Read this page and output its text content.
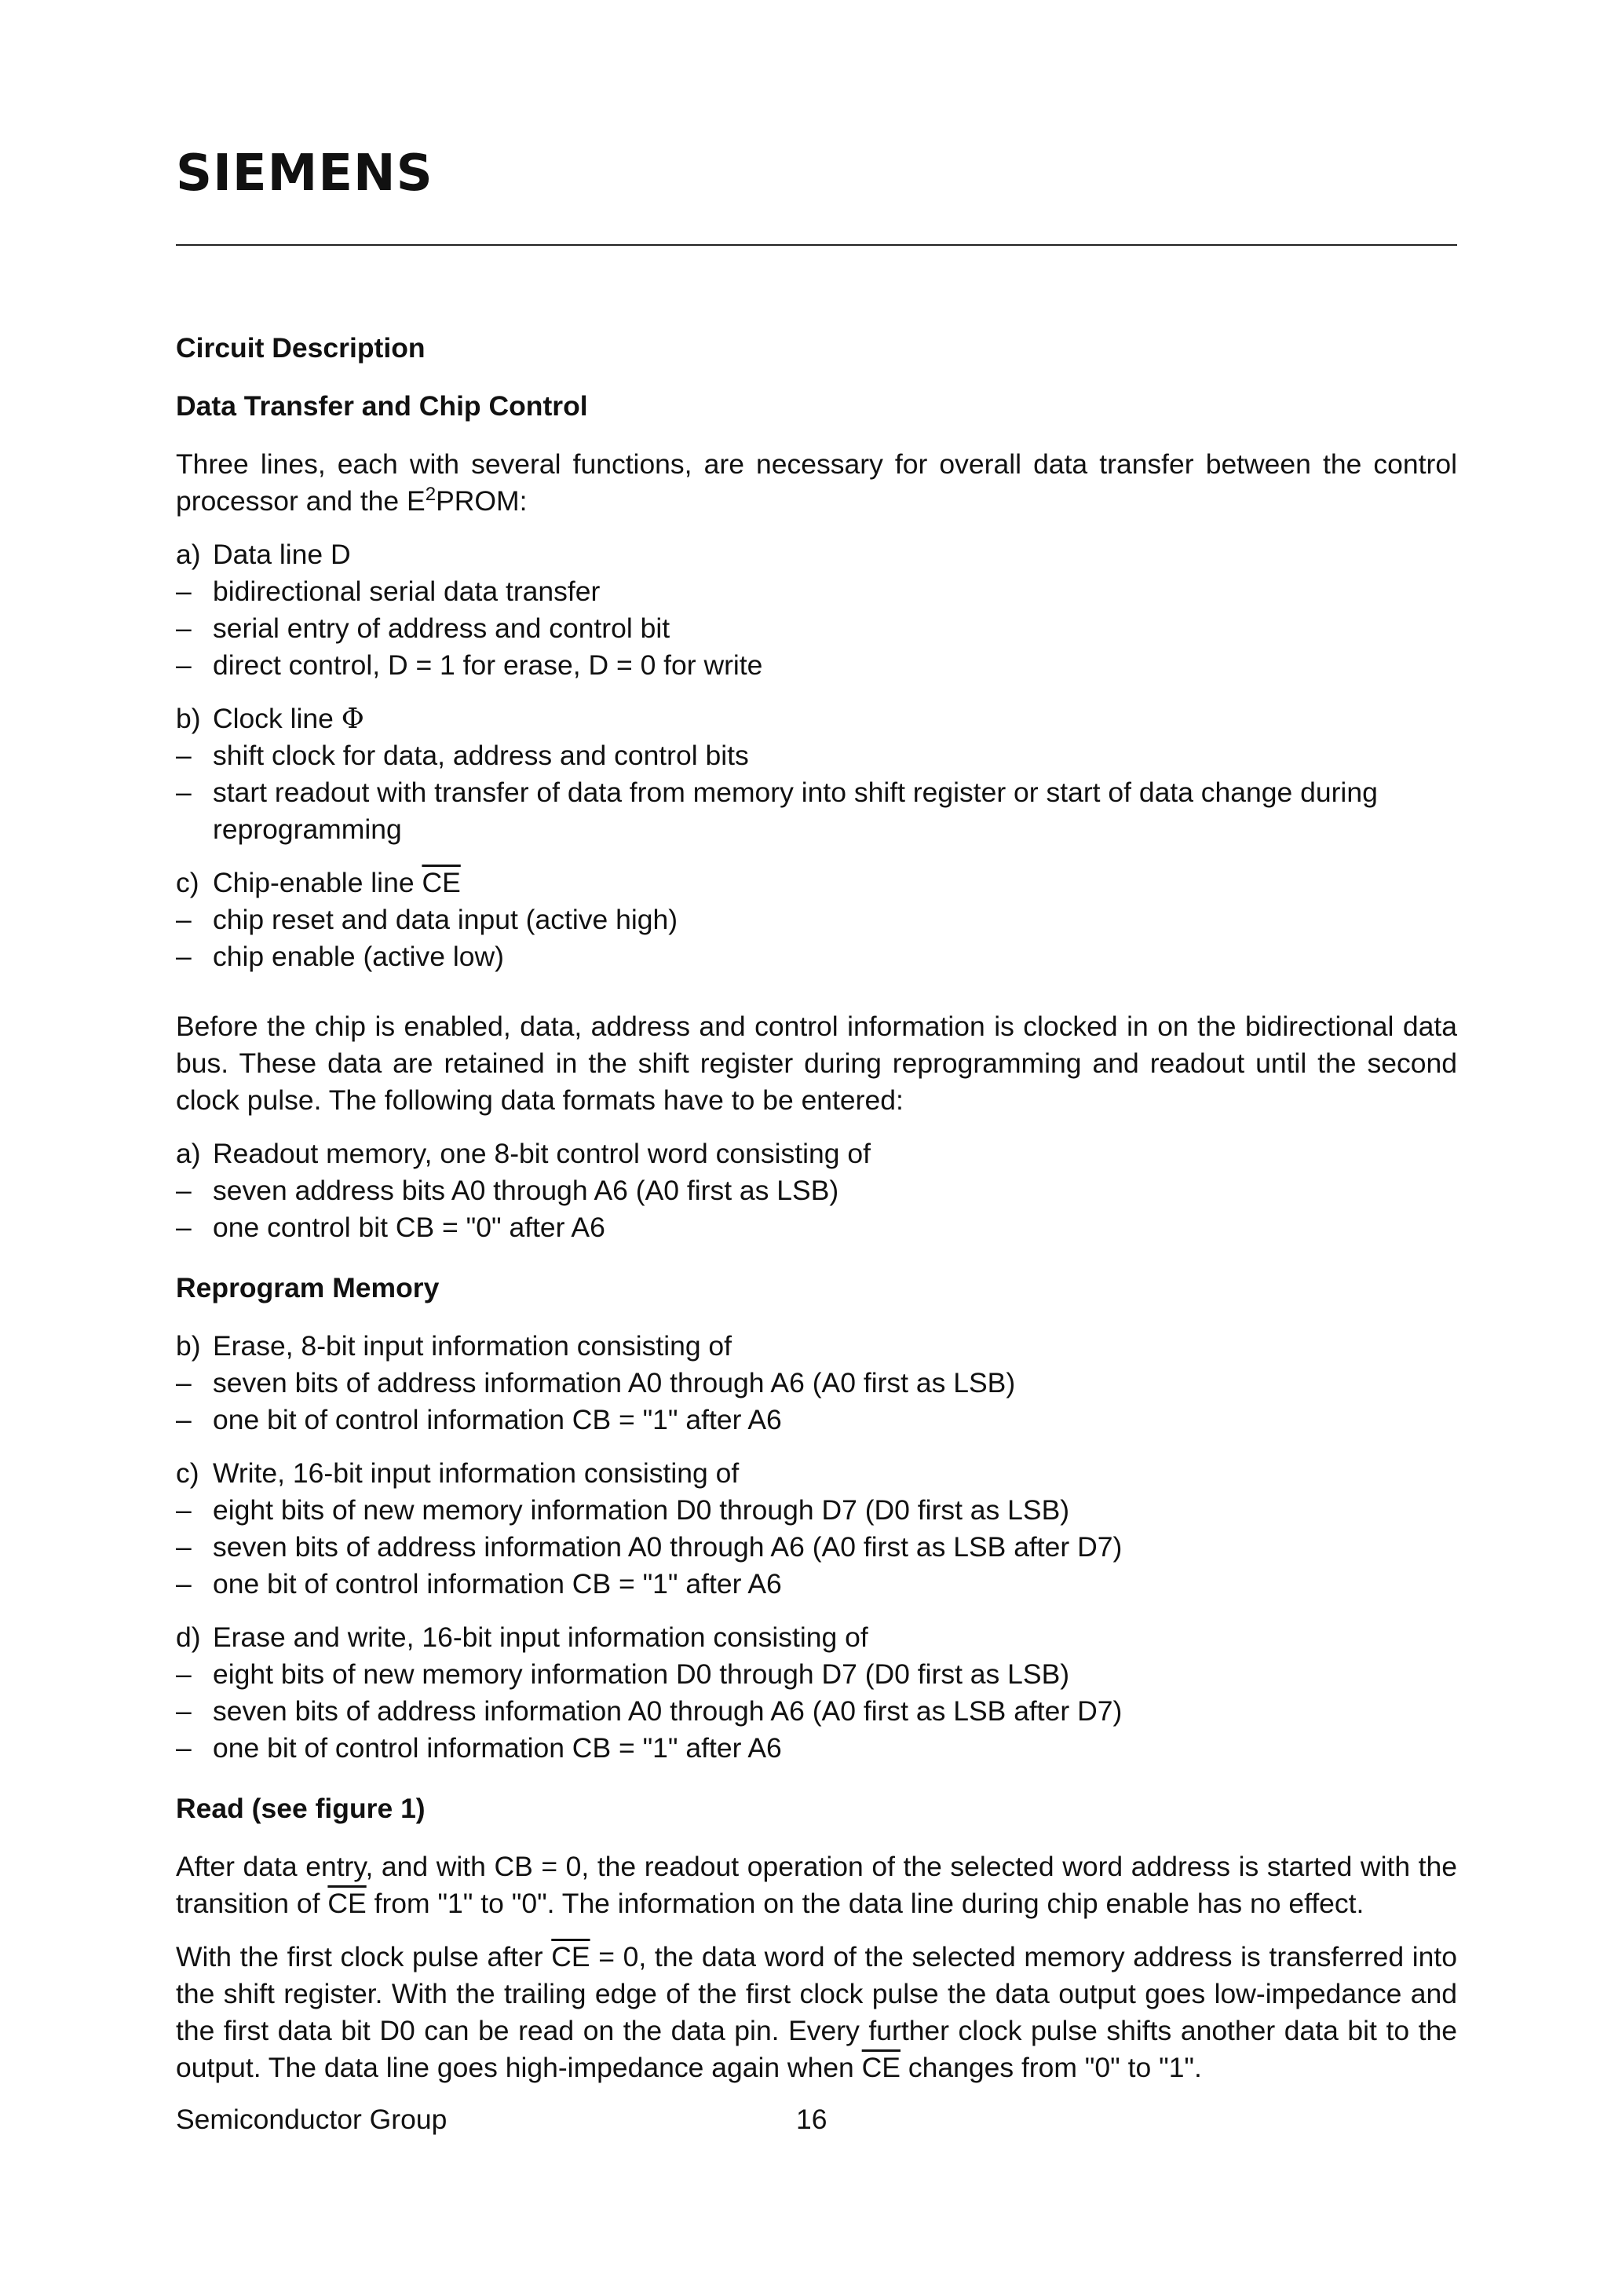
SIEMENS
Circuit Description
Data Transfer and Chip Control
Three lines, each with several functions, are necessary for overall data transfer between the control processor and the $E^2PROM$:
a) Data line D
– bidirectional serial data transfer
– serial entry of address and control bit
– direct control, D = 1 for erase, D = 0 for write
b) Clock line Φ
– shift clock for data, address and control bits
– start readout with transfer of data from memory into shift register or start of data change during reprogramming
c) Chip-enable line $\overline{CE}$
– chip reset and data input (active high)
– chip enable (active low)
Before the chip is enabled, data, address and control information is clocked in on the bidirectional data bus. These data are retained in the shift register during reprogramming and readout until the second clock pulse. The following data formats have to be entered:
a) Readout memory, one 8-bit control word consisting of
– seven address bits A0 through A6 (A0 first as LSB)
– one control bit CB = "0" after A6
Reprogram Memory
b) Erase, 8-bit input information consisting of
– seven bits of address information A0 through A6 (A0 first as LSB)
– one bit of control information CB = "1" after A6
c) Write, 16-bit input information consisting of
– eight bits of new memory information D0 through D7 (D0 first as LSB)
– seven bits of address information A0 through A6 (A0 first as LSB after D7)
– one bit of control information CB = "1" after A6
d) Erase and write, 16-bit input information consisting of
– eight bits of new memory information D0 through D7 (D0 first as LSB)
– seven bits of address information A0 through A6 (A0 first as LSB after D7)
– one bit of control information CB = "1" after A6
Read (see figure 1)
After data entry, and with CB = 0, the readout operation of the selected word address is started with the transition of $\overline{CE}$ from "1" to "0". The information on the data line during chip enable has no effect.
With the first clock pulse after $\overline{CE} = 0$, the data word of the selected memory address is transferred into the shift register. With the trailing edge of the first clock pulse the data output goes low-impedance and the first data bit D0 can be read on the data pin. Every further clock pulse shifts another data bit to the output. The data line goes high-impedance again when $\overline{CE}$ changes from "0" to "1".
Semiconductor Group	16
